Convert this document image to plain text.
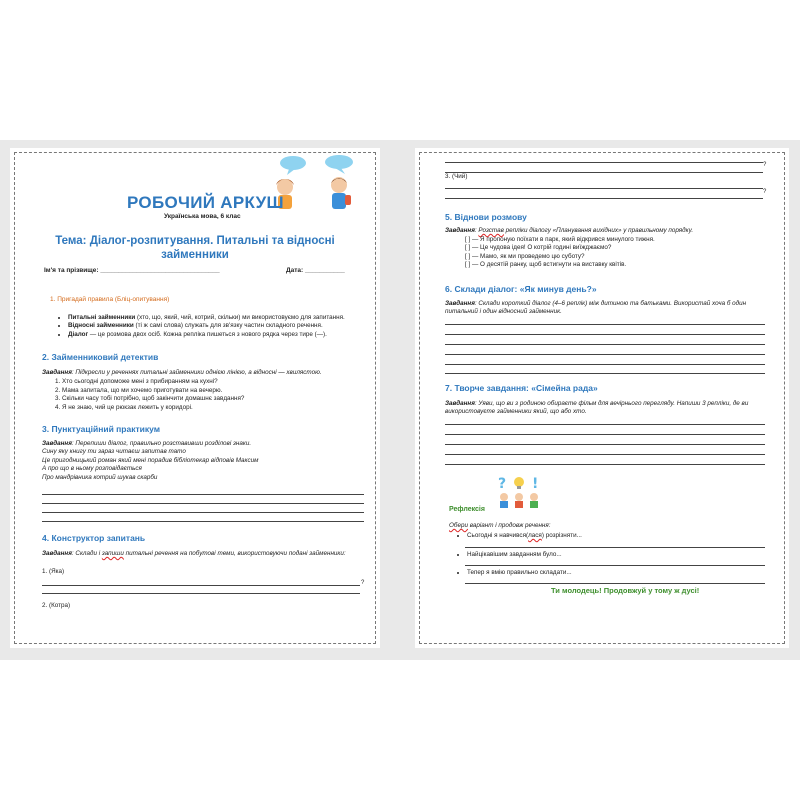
РОБОЧИЙ АРКУШ
Українська мова, 6 клас
Тема: Діалог-розпитування. Питальні та відносні
займенники
Ім'я та прізвище: _________________________________	Дата: ___________
1. Пригадай правила (Бліц-опитування)
• Питальні займенники (хто, що, який, чий, котрий, скільки) ми використовуємо для запитання.
• Відносні займенники (ті ж самі слова) служать для зв'язку частин складного речення.
• Діалог — це розмова двох осіб. Кожна репліка пишеться з нового рядка через тире (—).
2. Займенниковий детектив
Завдання: Підкресли у реченнях питальні займенники однією лінією, а відносні — хвилястою.
1. Хто сьогодні допоможе мені з прибиранням на кухні?
2. Мама запитала, що ми хочемо приготувати на вечерю.
3. Скільки часу тобі потрібно, щоб закінчити домашнє завдання?
4. Я не знаю, чий це рюкзак лежить у коридорі.
3. Пунктуаційний практикум
Завдання: Перепиши діалог, правильно розставивши розділові знаки.
Сину яку книгу ти зараз читаєш запитав тато
Це пригодницький роман який мені порадив бібліотекар відповів Максим
А про що в ньому розповідається
Про мандрівника котрий шукав скарби
4. Конструктор запитань
Завдання: Склади і запиши питальні речення на побутові теми, використовуючи подані займенники:
1. (Яка)
?
2. (Котра)
?
3. (Чий)
?
5. Віднови розмову
Завдання: Розстав репліки діалогу «Планування вихідних» у правильному порядку.
[ ] — Я пропоную поїхати в парк, який відкрився минулого тижня.
[ ] — Це чудова ідея! О котрій годині виїжджаємо?
[ ] — Мамо, як ми проведемо цю суботу?
[ ] — О десятій ранку, щоб встигнути на виставку квітів.
6. Склади діалог: «Як минув день?»
Завдання: Склади короткий діалог (4–6 реплік) між дитиною та батьками. Використай хоча б один питальний і один відносний займенник.
7. Творче завдання: «Сімейна рада»
Завдання: Уяви, що ви з родиною обираєте фільм для вечірнього перегляду. Напиши 3 репліки, де ви використовуєте займенники який, що або хто.
? !
Рефлексія
Обери варіант і продовж речення:
• Сьогодні я навчився(лася) розрізняти...
• Найцікавішим завданням було...
• Тепер я вмію правильно складати...
Ти молодець! Продовжуй у тому ж дусі!
